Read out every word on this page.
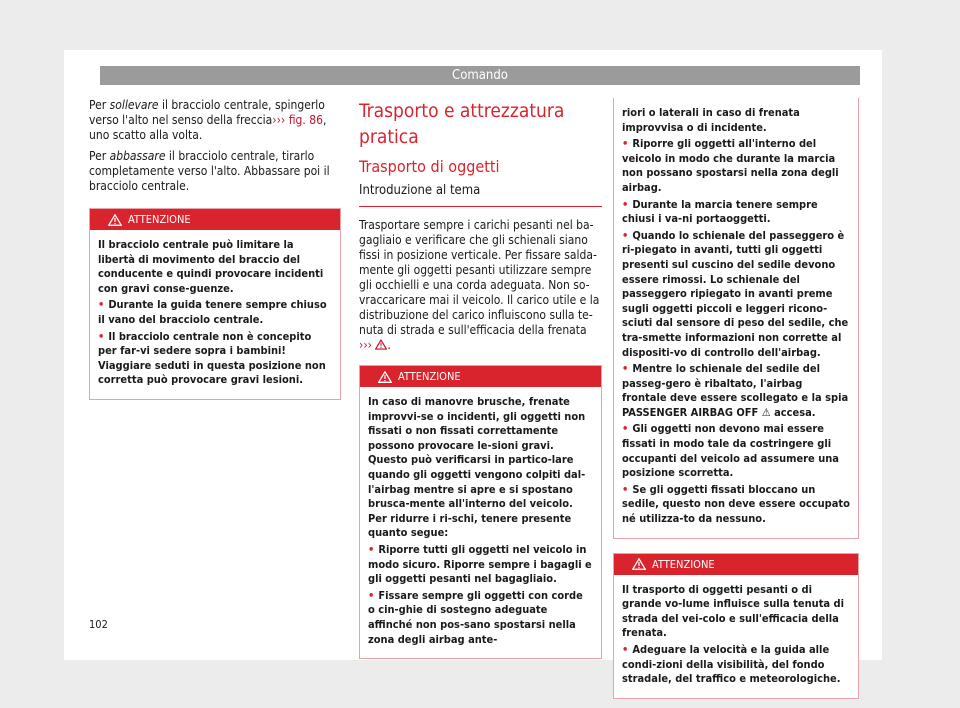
Comando

Per sollevare il bracciolo centrale, spingerlo verso l'alto nel senso della freccia››› fig. 86, uno scatto alla volta.

Per abbassare il bracciolo centrale, tirarlo completamente verso l'alto. Abbassare poi il bracciolo centrale.

ATTENZIONE

Il bracciolo centrale può limitare la libertà di movimento del braccio del conducente e quindi provocare incidenti con gravi conse-guenze.

• Durante la guida tenere sempre chiuso il vano del bracciolo centrale.

• Il bracciolo centrale non è concepito per far-vi sedere sopra i bambini! Viaggiare seduti in questa posizione non corretta può provocare gravi lesioni.

Trasporto e attrezzatura pratica
Trasporto di oggetti
Introduzione al tema

Trasportare sempre i carichi pesanti nel ba-gagliaio e verificare che gli schienali siano fissi in posizione verticale. Per fissare salda-mente gli oggetti pesanti utilizzare sempre gli occhielli e una corda adeguata. Non so-vraccaricare mai il veicolo. Il carico utile e la distribuzione del carico influiscono sulla te-nuta di strada e sull'efficacia della frenata ››› .

ATTENZIONE

In caso di manovre brusche, frenate improvvi-se o incidenti, gli oggetti non fissati o non fissati correttamente possono provocare le-sioni gravi. Questo può verificarsi in partico-lare quando gli oggetti vengono colpiti dal-l'airbag mentre si apre e si spostano brusca-mente all'interno del veicolo. Per ridurre i ri-schi, tenere presente quanto segue:

• Riporre tutti gli oggetti nel veicolo in modo sicuro. Riporre sempre i bagagli e gli oggetti pesanti nel bagagliaio.

• Fissare sempre gli oggetti con corde o cin-ghie di sostegno adeguate affinché non pos-sano spostarsi nella zona degli airbag ante-

riori o laterali in caso di frenata improvvisa o di incidente.

• Riporre gli oggetti all'interno del veicolo in modo che durante la marcia non possano spostarsi nella zona degli airbag.

• Durante la marcia tenere sempre chiusi i va-ni portaoggetti.

• Quando lo schienale del passeggero è ri-piegato in avanti, tutti gli oggetti presenti sul cuscino del sedile devono essere rimossi. Lo schienale del passeggero ripiegato in avanti preme sugli oggetti piccoli e leggeri ricono-sciuti dal sensore di peso del sedile, che tra-smette informazioni non corrette al dispositi-vo di controllo dell'airbag.

• Mentre lo schienale del sedile del passeg-gero è ribaltato, l'airbag frontale deve essere scollegato e la spia PASSENGER AIRBAG OFF ⚠ accesa.

• Gli oggetti non devono mai essere fissati in modo tale da costringere gli occupanti del veicolo ad assumere una posizione scorretta.

• Se gli oggetti fissati bloccano un sedile, questo non deve essere occupato né utilizza-to da nessuno.

ATTENZIONE

Il trasporto di oggetti pesanti o di grande vo-lume influisce sulla tenuta di strada del vei-colo e sull'efficacia della frenata.

• Adeguare la velocità e la guida alle condi-zioni della visibilità, del fondo stradale, del traffico e meteorologiche.

102
